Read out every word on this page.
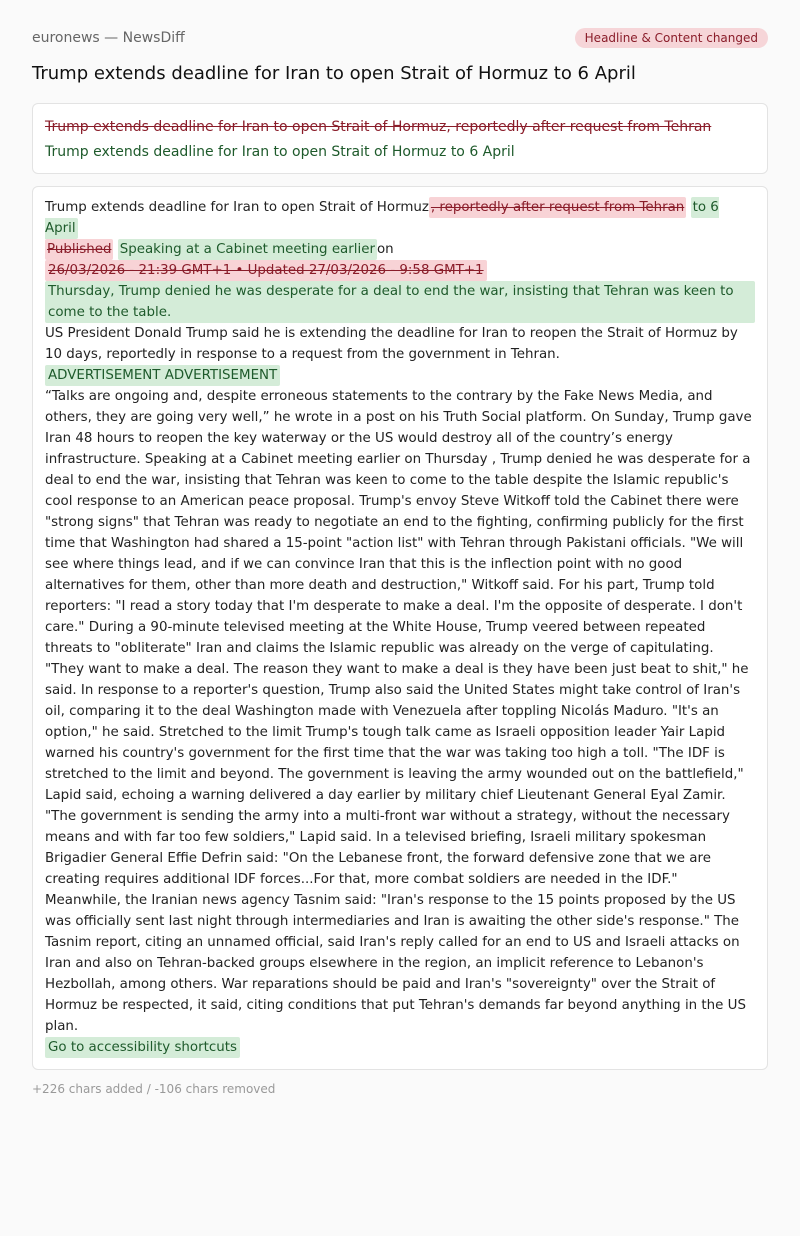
euronews — NewsDiff	Headline & Content changed
Trump extends deadline for Iran to open Strait of Hormuz to 6 April
Trump extends deadline for Iran to open Strait of Hormuz, reportedly after request from Tehran
Trump extends deadline for Iran to open Strait of Hormuz to 6 April

Trump extends deadline for Iran to open Strait of Hormuz , reportedly after request from Tehran to 6 April

Published Speaking at a Cabinet meeting earlier on

26/03/2026 - 21:39 GMT+1 • Updated 27/03/2026 - 9:58 GMT+1

Thursday, Trump denied he was desperate for a deal to end the war, insisting that Tehran was keen to come to the table.

US President Donald Trump said he is extending the deadline for Iran to reopen the Strait of Hormuz by 10 days, reportedly in response to a request from the government in Tehran.

ADVERTISEMENT ADVERTISEMENT

“Talks are ongoing and, despite erroneous statements to the contrary by the Fake News Media, and others, they are going very well,” he wrote in a post on his Truth Social platform. On Sunday, Trump gave Iran 48 hours to reopen the key waterway or the US would destroy all of the country’s energy infrastructure. Speaking at a Cabinet meeting earlier on Thursday , Trump denied he was desperate for a deal to end the war, insisting that Tehran was keen to come to the table despite the Islamic republic's cool response to an American peace proposal. Trump's envoy Steve Witkoff told the Cabinet there were "strong signs" that Tehran was ready to negotiate an end to the fighting, confirming publicly for the first time that Washington had shared a 15-point "action list" with Tehran through Pakistani officials. "We will see where things lead, and if we can convince Iran that this is the inflection point with no good alternatives for them, other than more death and destruction," Witkoff said. For his part, Trump told reporters: "I read a story today that I'm desperate to make a deal. I'm the opposite of desperate. I don't care." During a 90-minute televised meeting at the White House, Trump veered between repeated threats to "obliterate" Iran and claims the Islamic republic was already on the verge of capitulating. "They want to make a deal. The reason they want to make a deal is they have been just beat to shit," he said. In response to a reporter's question, Trump also said the United States might take control of Iran's oil, comparing it to the deal Washington made with Venezuela after toppling Nicolás Maduro. "It's an option," he said. Stretched to the limit Trump's tough talk came as Israeli opposition leader Yair Lapid warned his country's government for the first time that the war was taking too high a toll. "The IDF is stretched to the limit and beyond. The government is leaving the army wounded out on the battlefield," Lapid said, echoing a warning delivered a day earlier by military chief Lieutenant General Eyal Zamir. "The government is sending the army into a multi-front war without a strategy, without the necessary means and with far too few soldiers," Lapid said. In a televised briefing, Israeli military spokesman Brigadier General Effie Defrin said: "On the Lebanese front, the forward defensive zone that we are creating requires additional IDF forces...For that, more combat soldiers are needed in the IDF." Meanwhile, the Iranian news agency Tasnim said: "Iran's response to the 15 points proposed by the US was officially sent last night through intermediaries and Iran is awaiting the other side's response." The Tasnim report, citing an unnamed official, said Iran's reply called for an end to US and Israeli attacks on Iran and also on Tehran-backed groups elsewhere in the region, an implicit reference to Lebanon's Hezbollah, among others. War reparations should be paid and Iran's "sovereignty" over the Strait of Hormuz be respected, it said, citing conditions that put Tehran's demands far beyond anything in the US plan.

Go to accessibility shortcuts

+226 chars added / -106 chars removed
